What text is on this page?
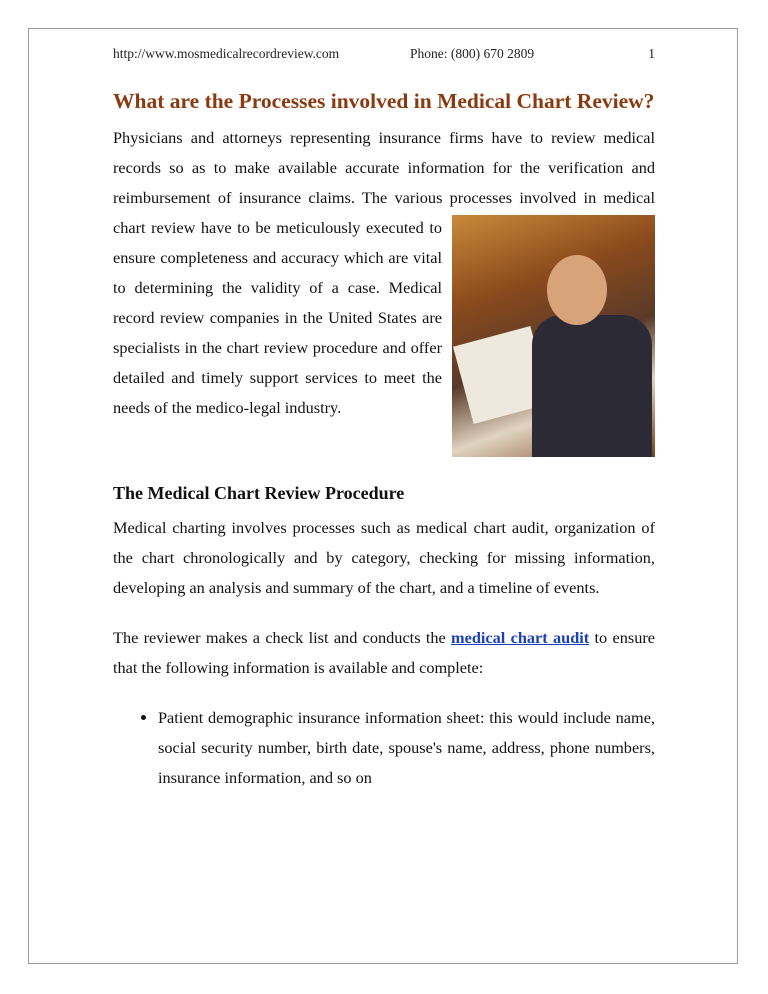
http://www.mosmedicalrecordreview.com	Phone: (800) 670 2809	1
What are the Processes involved in Medical Chart Review?

Physicians and attorneys representing insurance firms have to review medical records so as to make available accurate information for the verification and reimbursement of insurance claims. The various processes involved in medical chart review have to be meticulously executed to ensure completeness and accuracy which are vital to determining the validity of a case. Medical record review companies in the United States are specialists in the chart review procedure and offer detailed and timely support services to meet the needs of the medico-legal industry.

The Medical Chart Review Procedure

Medical charting involves processes such as medical chart audit, organization of the chart chronologically and by category, checking for missing information, developing an analysis and summary of the chart, and a timeline of events.

The reviewer makes a check list and conducts the medical chart audit to ensure that the following information is available and complete:

• Patient demographic insurance information sheet: this would include name, social security number, birth date, spouse's name, address, phone numbers, insurance information, and so on
